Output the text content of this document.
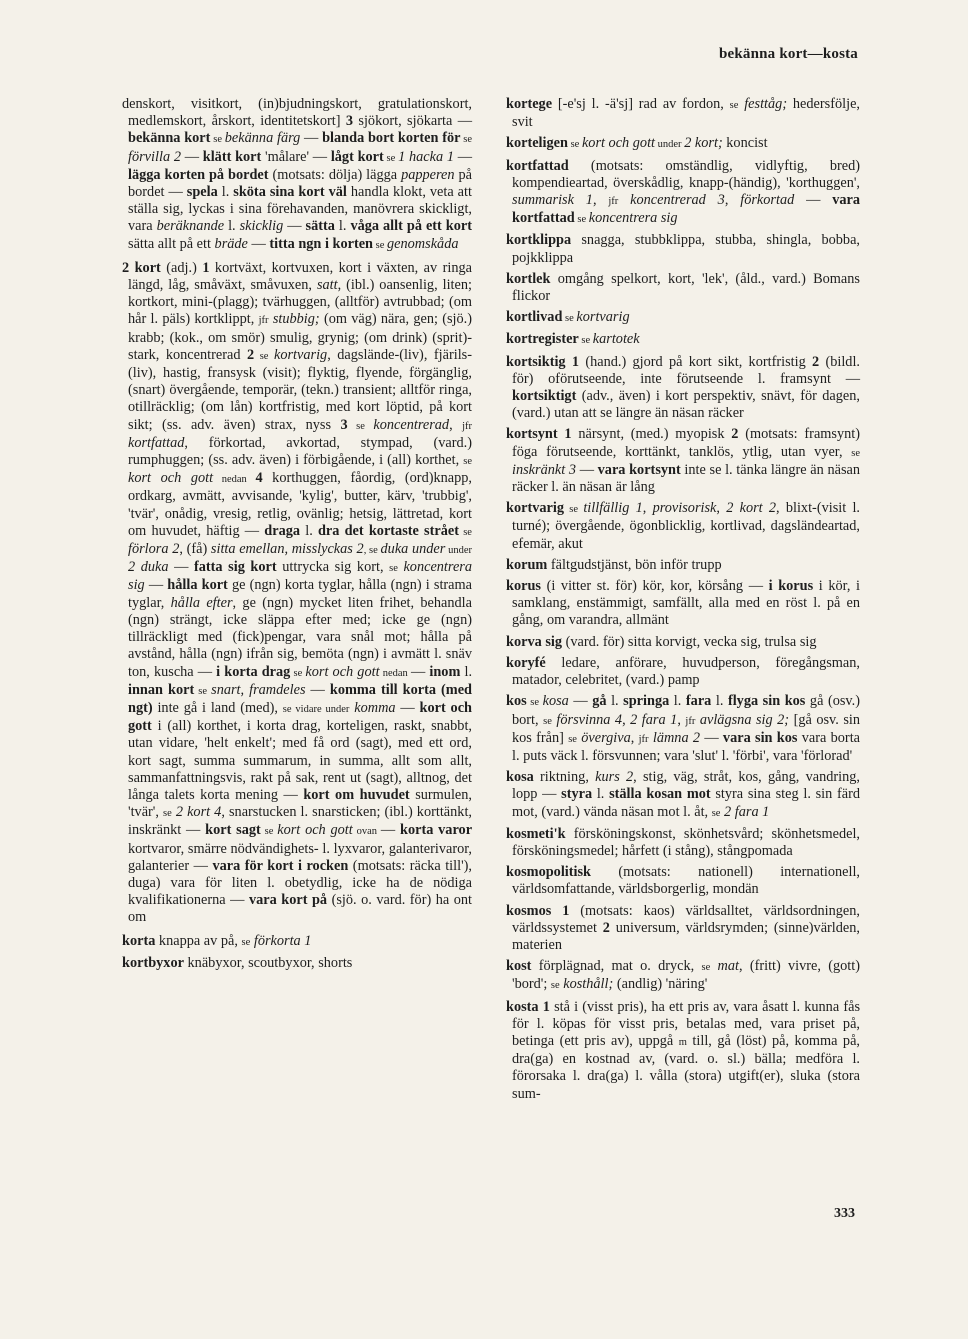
bekänna kort—kosta

denskort, visitkort, (in)bjudningskort, gratulationskort, medlemskort, årskort, identitetskort] 3 sjökort, sjökarta — bekänna kort se bekänna färg — blanda bort korten för se förvilla 2 — klätt kort 'målare' — lågt kort se 1 hacka 1 — lägga korten på bordet (motsats: dölja) lägga papperen på bordet — spela l. sköta sina kort väl handla klokt, veta att ställa sig, lyckas i sina förehavanden, manövrera skickligt, vara beräknande l. skicklig — sätta l. våga allt på ett kort sätta allt på ett bräde — titta ngn i korten se genomskåda

2 kort (adj.) 1 kortväxt, kortvuxen, kort i växten, av ringa längd, låg, småväxt, småvuxen, satt, (ibl.) oansenlig, liten; kortkort, mini-(plagg); tvärhuggen, (alltför) avtrubbad; (om hår l. päls) kortklippt, jfr stubbig; (om väg) nära, gen; (sjö.) krabb; (kok., om smör) smulig, grynig; (om drink) (sprit)-stark, koncentrerad 2 se kortvarig, dagslände-(liv), fjärils-(liv), hastig, fransysk (visit); flyktig, flyende, förgänglig, (snart) övergående, temporär, (tekn.) transient; alltför ringa, otillräcklig; (om lån) kortfristig, med kort löptid, på kort sikt; (ss. adv. även) strax, nyss 3 se koncentrerad, jfr kortfattad, förkortad, avkortad, stympad, (vard.) rumphuggen; (ss. adv. även) i förbigående, i (all) korthet, se kort och gott nedan 4 korthuggen, fåordig, (ord)knapp, ordkarg, avmätt, avvisande, 'kylig', butter, kärv, 'trubbig', 'tvär', onådig, vresig, retlig, ovänlig; hetsig, lättretad, kort om huvudet, häftig — draga l. dra det kortaste strået se förlora 2, (få) sitta emellan, misslyckas 2, se duka under under 2 duka — fatta sig kort uttrycka sig kort, se koncentrera sig — hålla kort ge (ngn) korta tyglar, hålla (ngn) i strama tyglar, hålla efter, ge (ngn) mycket liten frihet, behandla (ngn) strängt, icke släppa efter med; icke ge (ngn) tillräckligt med (fick)pengar, vara snål mot; hålla på avstånd, hålla (ngn) ifrån sig, bemöta (ngn) i avmätt l. snäv ton, kuscha — i korta drag se kort och gott nedan — inom l. innan kort se snart, framdeles — komma till korta (med ngt) inte gå i land (med), se vidare under komma — kort och gott i (all) korthet, i korta drag, korteligen, raskt, snabbt, utan vidare, 'helt enkelt'; med få ord (sagt), med ett ord, kort sagt, summa summarum, in summa, allt som allt, sammanfattningsvis, rakt på sak, rent ut (sagt), alltnog, det långa talets korta mening — kort om huvudet surmulen, 'tvär', se 2 kort 4, snarstucken l. snarsticken; (ibl.) korttänkt, inskränkt — kort sagt se kort och gott ovan — korta varor kortvaror, smärre nödvändighets- l. lyxvaror, galanterivaror, galanterier — vara för kort i rocken (motsats: räcka till'), duga) vara för liten l. obetydlig, icke ha de nödiga kvalifikationerna — vara kort på (sjö. o. vard. för) ha ont om

korta knappa av på, se förkorta 1

kortbyxor knäbyxor, scoutbyxor, shorts

kortege [-e'sj l. -ä'sj] rad av fordon, se festtåg; hedersfölje, svit

korteligen se kort och gott under 2 kort; koncist

kortfattad (motsats: omständlig, vidlyftig, bred) kompendieartad, överskådlig, knapp-(händig), 'korthuggen', summarisk 1, jfr koncentrerad 3, förkortad — vara kortfattad se koncentrera sig

kortklippa snagga, stubbklippa, stubba, shingla, bobba, pojkklippa

kortlek omgång spelkort, kort, 'lek', (åld., vard.) Bomans flickor

kortlivad se kortvarig

kortregister se kartotek

kortsiktig 1 (hand.) gjord på kort sikt, kortfristig 2 (bildl. för) oförutseende, inte förutseende l. framsynt — kortsiktigt (adv., även) i kort perspektiv, snävt, för dagen, (vard.) utan att se längre än näsan räcker

kortsynt 1 närsynt, (med.) myopisk 2 (motsats: framsynt) föga förutseende, korttänkt, tanklös, ytlig, utan vyer, se inskränkt 3 — vara kortsynt inte se l. tänka längre än näsan räcker l. än näsan är lång

kortvarig se tillfällig 1, provisorisk, 2 kort 2, blixt-(visit l. turné); övergående, ögonblicklig, kortlivad, dagsländeartad, efemär, akut

korum fältgudstjänst, bön inför trupp

korus (i vitter st. för) kör, kor, körsång — i korus i kör, i samklang, enstämmigt, samfällt, alla med en röst l. på en gång, om varandra, allmänt

korva sig (vard. för) sitta korvigt, vecka sig, trulsa sig

koryfé ledare, anförare, huvudperson, föregångsman, matador, celebritet, (vard.) pamp

kos se kosa — gå l. springa l. fara l. flyga sin kos gå (osv.) bort, se försvinna 4, 2 fara 1, jfr avlägsna sig 2; [gå osv. sin kos från] se övergiva, jfr lämna 2 — vara sin kos vara borta l. puts väck l. försvunnen; vara 'slut' l. 'förbi', vara 'förlorad'

kosa riktning, kurs 2, stig, väg, stråt, kos, gång, vandring, lopp — styra l. ställa kosan mot styra sina steg l. sin färd mot, (vard.) vända näsan mot l. åt, se 2 fara 1

kosmeti'k försköningskonst, skönhetsvård; skönhetsmedel, försköningsmedel; hårfett (i stång), stångpomada

kosmopolitisk (motsats: nationell) internationell, världsomfattande, världsborgerlig, mondän

kosmos 1 (motsats: kaos) världsalltet, världsordningen, världssystemet 2 universum, världsrymden; (sinne)världen, materien

kost förplägnad, mat o. dryck, se mat, (fritt) vivre, (gott) 'bord'; se kosthåll; (andlig) 'näring'

kosta 1 stå i (visst pris), ha ett pris av, vara åsatt l. kunna fås för l. köpas för visst pris, betalas med, vara priset på, betinga (ett pris av), uppgå m till, gå (löst) på, komma på, dra(ga) en kostnad av, (vard. o. sl.) bälla; medföra l. förorsaka l. dra(ga) l. vålla (stora) utgift(er), sluka (stora sum-

333
